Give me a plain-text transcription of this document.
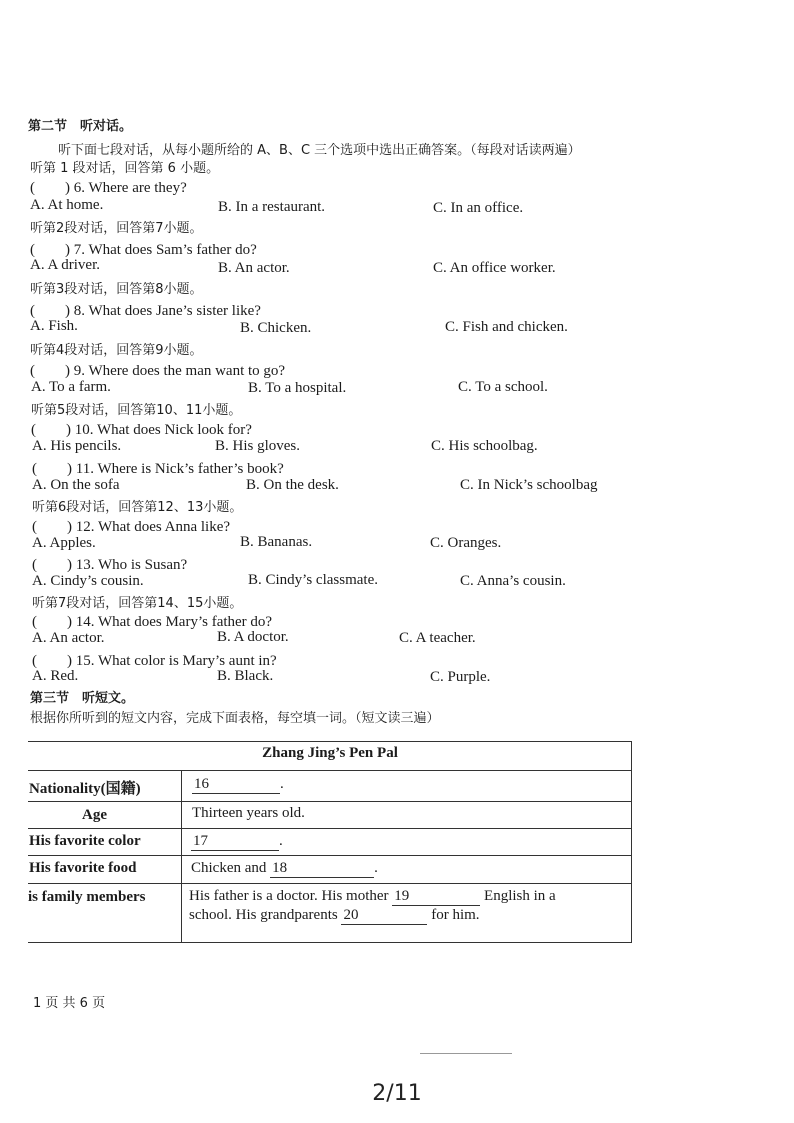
第二节　听对话。
听下面七段对话，从每小题所给的 A、B、C 三个选项中选出正确答案。（每段对话读两遍）
听第 1 段对话，回答第 6 小题。
(　　) 6. Where are they?
A. At home.	B. In a restaurant.	C. In an office.
听第2段对话，回答第7小题。
(　　) 7. What does Sam’s father do?
A. A driver.	B. An actor.	C. An office worker.
听第3段对话，回答第8小题。
(　　) 8. What does Jane’s sister like?
A. Fish.	B. Chicken.	C. Fish and chicken.
听第4段对话，回答第9小题。
(　　) 9. Where does the man want to go?
A. To a farm.	B. To a hospital.	C. To a school.
听第5段对话，回答第10、11小题。
(　　) 10. What does Nick look for?
A. His pencils.	B. His gloves.	C. His schoolbag.
(　　) 11. Where is Nick’s father’s book?
A. On the sofa	B. On the desk.	C. In Nick’s schoolbag
听第6段对话，回答第12、13小题。
(　　) 12. What does Anna like?
A. Apples.	B. Bananas.	C. Oranges.
(　　) 13. Who is Susan?
A. Cindy’s cousin.	B. Cindy’s classmate.	C. Anna’s cousin.
听第7段对话，回答第14、15小题。
(　　) 14. What does Mary’s father do?
A. An actor.	B. A doctor.	C. A teacher.
(　　) 15. What color is Mary’s aunt in?
A. Red.	B. Black.	C. Purple.
第三节　听短文。
根据你所听到的短文内容，完成下面表格，每空填一词。（短文读三遍）
Zhang Jing’s Pen Pal
Nationality(国籍)	16	.
Age	Thirteen years old.
His favorite color	17	.
His favorite food	Chicken and 18	.
is family members	His father is a doctor. His mother 19	English in a
school. His grandparents 20	for him.
1 页 共 6 页
2/11
